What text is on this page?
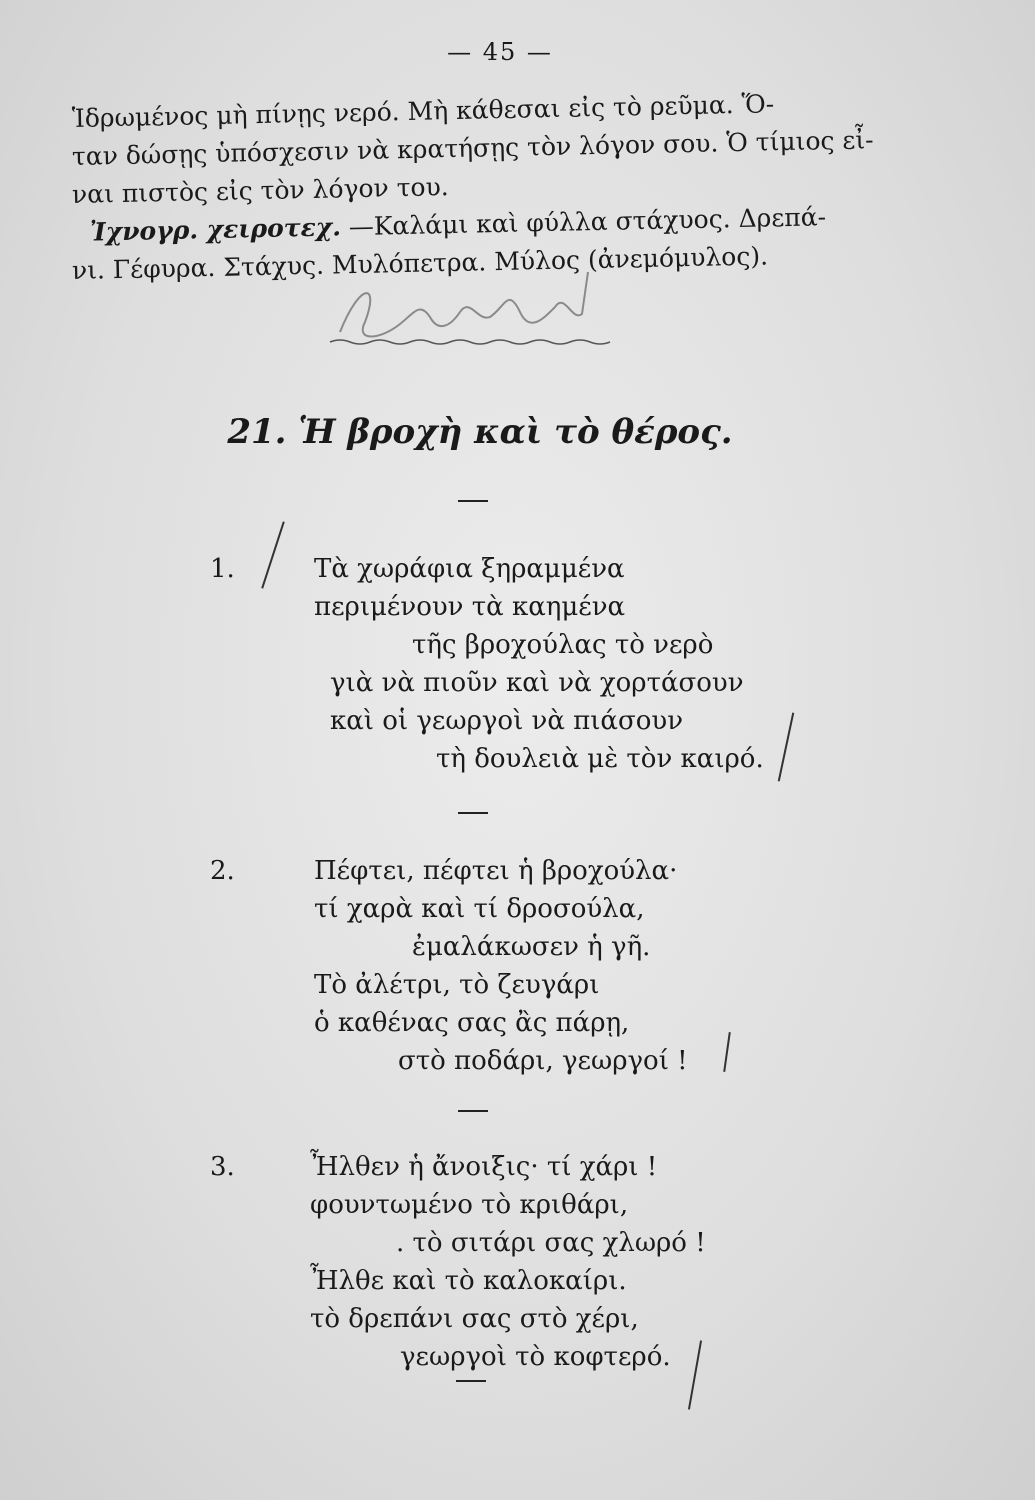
— 45 —
Ἱδρωμένος μὴ πίνῃς νερό. Μὴ κάθεσαι εἰς τὸ ρεῦμα. Ὅ-
ταν δώσῃς ὑπόσχεσιν νὰ κρατήσῃς τὸν λόγον σου. Ὁ τίμιος εἶ-
ναι πιστὸς εἰς τὸν λόγον του.
Ἰχνογρ. χειροτεχ. —Καλάμι καὶ φύλλα στάχυος. Δρεπά-
νι. Γέφυρα. Στάχυς. Μυλόπετρα. Μύλος (ἀνεμόμυλος).
21. Ἡ βροχὴ καὶ τὸ θέρος.
1.	Τὰ χωράφια ξηραμμένα
περιμένουν τὰ καημένα
τῆς βροχούλας τὸ νερὸ
γιὰ νὰ πιοῦν καὶ νὰ χορτάσουν
καὶ οἱ γεωργοὶ νὰ πιάσουν
τὴ δουλειὰ μὲ τὸν καιρό.
2.	Πέφτει, πέφτει ἡ βροχούλα·
τί χαρὰ καὶ τί δροσούλα,
ἐμαλάκωσεν ἡ γῆ.
Τὸ ἀλέτρι, τὸ ζευγάρι
ὁ καθένας σας ἂς πάρῃ,
στὸ ποδάρι, γεωργοί !
3.	Ἦλθεν ἡ ἄνοιξις· τί χάρι !
φουντωμένο τὸ κριθάρι,
. τὸ σιτάρι σας χλωρό !
Ἦλθε καὶ τὸ καλοκαίρι.
τὸ δρεπάνι σας στὸ χέρι,
γεωργοὶ τὸ κοφτερό.
